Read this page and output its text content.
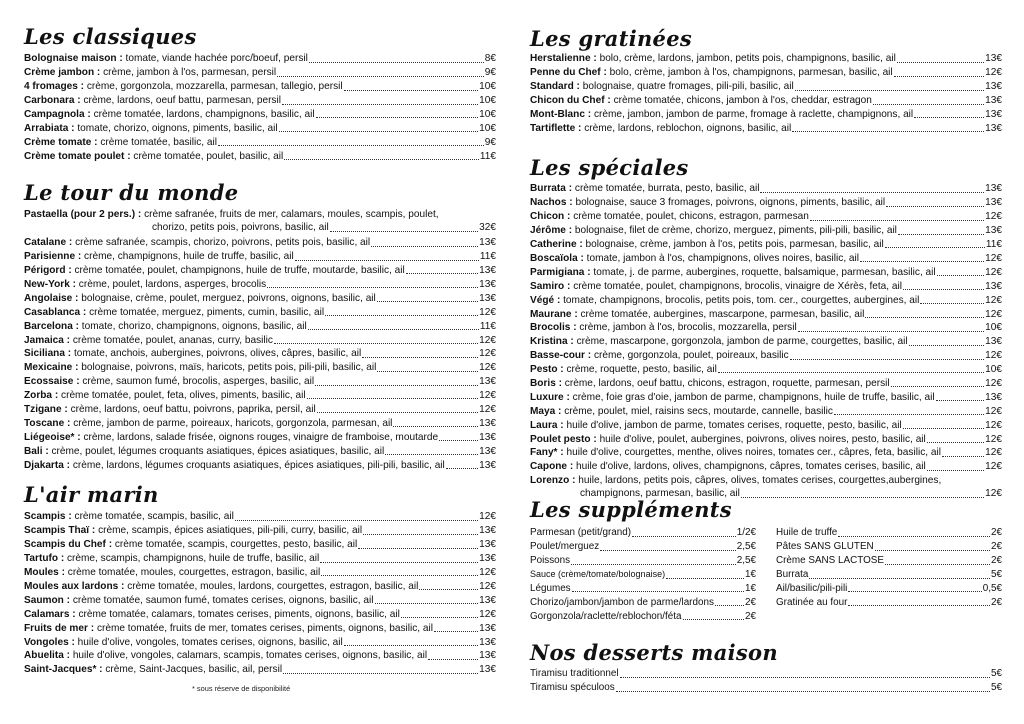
Les classiques
Bolognaise maison : tomate, viande hachée porc/boeuf, persil	8€
Crème jambon : crème, jambon à l'os, parmesan, persil	9€
4 fromages : crème, gorgonzola, mozzarella, parmesan, tallegio, persil	10€
Carbonara : crème, lardons, oeuf battu, parmesan, persil	10€
Campagnola : crème tomatée, lardons, champignons, basilic, ail	10€
Arrabiata : tomate, chorizo, oignons, piments, basilic, ail	10€
Crème tomate : crème tomatée, basilic, ail	9€
Crème tomate poulet : crème tomatée, poulet, basilic, ail	11€
Le tour du monde
Pastaella (pour 2 pers.) : crème safranée, fruits de mer, calamars, moules, scampis, poulet,
chorizo, petits pois, poivrons, basilic, ail	32€
Catalane : crème safranée, scampis, chorizo, poivrons, petits pois, basilic, ail	13€
Parisienne : crème, champignons, huile de truffe, basilic, ail	11€
Périgord : crème tomatée, poulet, champignons, huile de truffe, moutarde, basilic, ail	13€
New-York : crème, poulet, lardons, asperges, brocolis	13€
Angolaise : bolognaise, crème, poulet, merguez, poivrons, oignons, basilic, ail	13€
Casablanca : crème tomatée, merguez, piments, cumin, basilic, ail	12€
Barcelona : tomate, chorizo, champignons, oignons, basilic, ail	11€
Jamaica : crème tomatée, poulet, ananas, curry, basilic	12€
Siciliana : tomate, anchois, aubergines, poivrons, olives, câpres, basilic, ail	12€
Mexicaine : bolognaise, poivrons, maïs, haricots, petits pois, pili-pili, basilic, ail	12€
Ecossaise : crème, saumon fumé, brocolis, asperges, basilic, ail	13€
Zorba : crème tomatée, poulet, feta, olives, piments, basilic, ail	12€
Tzigane : crème, lardons, oeuf battu, poivrons, paprika, persil, ail	12€
Toscane : crème, jambon de parme, poireaux, haricots, gorgonzola, parmesan, ail	13€
Liégeoise* : crème, lardons, salade frisée, oignons rouges, vinaigre de framboise, moutarde	13€
Bali : crème, poulet, légumes croquants asiatiques, épices asiatiques, basilic, ail	13€
Djakarta : crème, lardons, légumes croquants asiatiques, épices asiatiques, pili-pili, basilic, ail	13€
L'air marin
Scampis : crème tomatée, scampis, basilic, ail	12€
Scampis Thaï : crème, scampis, épices asiatiques, pili-pili, curry, basilic, ail	13€
Scampis du Chef : crème tomatée, scampis, courgettes, pesto, basilic, ail	13€
Tartufo : crème, scampis, champignons, huile de truffe, basilic, ail	13€
Moules : crème tomatée, moules, courgettes, estragon, basilic, ail	12€
Moules aux lardons : crème tomatée, moules, lardons, courgettes, estragon, basilic, ail	12€
Saumon : crème tomatée, saumon fumé, tomates cerises, oignons, basilic, ail	13€
Calamars : crème tomatée, calamars, tomates cerises, piments, oignons, basilic, ail	12€
Fruits de mer : crème tomatée, fruits de mer, tomates cerises, piments, oignons, basilic, ail	13€
Vongoles : huile d'olive, vongoles, tomates cerises, oignons, basilic, ail	13€
Abuelita : huile d'olive, vongoles, calamars, scampis, tomates cerises, oignons, basilic, ail	13€
Saint-Jacques* : crème, Saint-Jacques, basilic, ail, persil	13€
* sous réserve de disponibilité
Les gratinées
Herstalienne : bolo, crème, lardons, jambon, petits pois, champignons, basilic, ail	13€
Penne du Chef : bolo, crème, jambon à l'os, champignons, parmesan, basilic, ail	12€
Standard : bolognaise, quatre fromages, pili-pili, basilic, ail	13€
Chicon du Chef : crème tomatée, chicons, jambon à l'os, cheddar, estragon	13€
Mont-Blanc : crème, jambon, jambon de parme, fromage à raclette, champignons, ail	13€
Tartiflette : crème, lardons, reblochon, oignons, basilic, ail	13€
Les spéciales
Burrata : crème tomatée, burrata, pesto, basilic, ail	13€
Nachos : bolognaise, sauce 3 fromages, poivrons, oignons, piments, basilic, ail	13€
Chicon : crème tomatée, poulet, chicons, estragon, parmesan	12€
Jérôme : bolognaise, filet de crème, chorizo, merguez, piments, pili-pili, basilic, ail	13€
Catherine : bolognaise, crème, jambon à l'os, petits pois, parmesan, basilic, ail	11€
Boscaïola : tomate, jambon à l'os, champignons, olives noires, basilic, ail	12€
Parmigiana : tomate, j. de parme, aubergines, roquette, balsamique, parmesan, basilic, ail	12€
Samiro : crème tomatée, poulet, champignons, brocolis, vinaigre de Xérès, feta, ail	13€
Végé : tomate, champignons, brocolis, petits pois, tom. cer., courgettes, aubergines, ail	12€
Maurane : crème tomatée, aubergines, mascarpone, parmesan, basilic, ail	12€
Brocolis : crème, jambon à l'os, brocolis, mozzarella, persil	10€
Kristina : crème, mascarpone, gorgonzola, jambon de parme, courgettes, basilic, ail	13€
Basse-cour : crème, gorgonzola, poulet, poireaux, basilic	12€
Pesto : crème, roquette, pesto, basilic, ail	10€
Boris : crème, lardons, oeuf battu, chicons, estragon, roquette, parmesan, persil	12€
Luxure : crème, foie gras d'oie, jambon de parme, champignons, huile de truffe, basilic, ail	13€
Maya : crème, poulet, miel, raisins secs, moutarde, cannelle, basilic	12€
Laura : huile d'olive, jambon de parme, tomates cerises, roquette, pesto, basilic, ail	12€
Poulet pesto : huile d'olive, poulet, aubergines, poivrons, olives noires, pesto, basilic, ail	12€
Fany* : huile d'olive, courgettes, menthe, olives noires, tomates cer., câpres, feta, basilic, ail	12€
Capone : huile d'olive, lardons, olives, champignons, câpres, tomates cerises, basilic, ail	12€
Lorenzo : huile, lardons, petits pois, câpres, olives, tomates cerises, courgettes,aubergines,
champignons, parmesan, basilic, ail	12€
Les suppléments
Parmesan (petit/grand)	1/2€
Poulet/merguez	2,5€
Poissons	2,5€
Sauce (crème/tomate/bolognaise)	1€
Légumes	1€
Chorizo/jambon/jambon de parme/lardons	2€
Gorgonzola/raclette/reblochon/féta	2€
Huile de truffe	2€
Pâtes SANS GLUTEN	2€
Crème SANS LACTOSE	2€
Burrata	5€
Ail/basilic/pili-pili	0,5€
Gratinée au four	2€
Nos desserts maison
Tiramisu traditionnel	5€
Tiramisu spéculoos	5€
